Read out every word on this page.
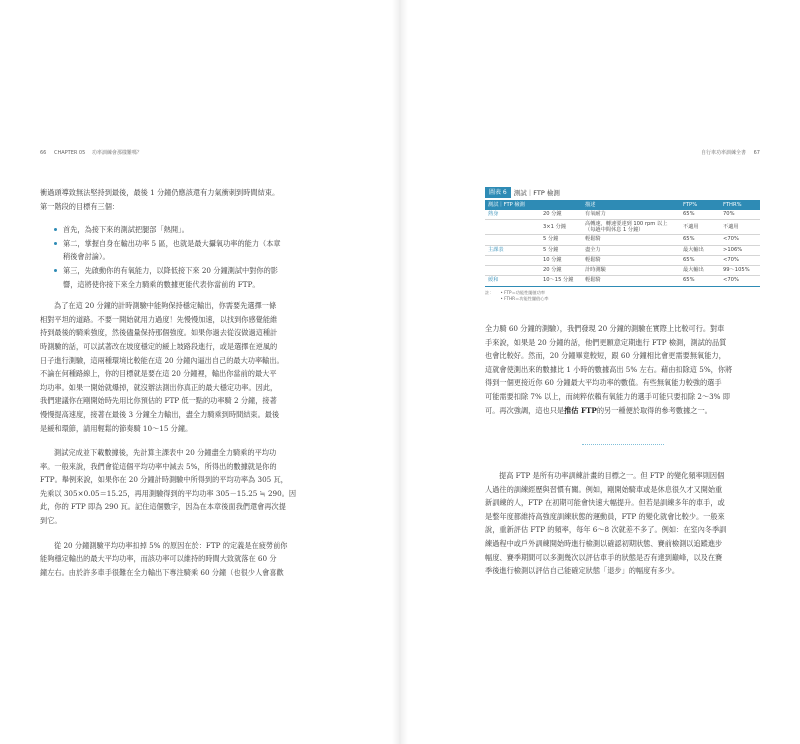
66 CHAPTER 05 功率訓練會那樣難嗎？

衝過頭導致無法堅持到最後，最後 1 分鐘仍應該還有力氣衝刺到時間結束。

第一階段的目標有三個：

首先，為接下來的測試把腿部「熱開」。
第二，掌握自身在輸出功率 5 區，也就是最大攝氧功率的能力（本章
稍後會討論）。
第三，先啟動你的有氧能力，以降低接下來 20 分鐘測試中對你的影
響，這將使你接下來全力騎乘的數據更能代表你當前的 FTP。

為了在這 20 分鐘的計時測驗中能夠保持穩定輸出，你需要先選擇一條

相對平坦的道路。不要一開始就用力過度！先慢慢加速，以找到你感覺能維

持到最後的騎乘強度，然後儘量保持那個強度。如果你過去從沒做過這種計

時測驗的話，可以試著改在坡度穩定的緩上坡路段進行，或是選擇在逆風的

日子進行測驗，這兩種環境比較能在這 20 分鐘內逼出自己的最大功率輸出。

不論在何種路線上，你的目標就是要在這 20 分鐘裡，輸出你當前的最大平

均功率。如果一開始就爆掉，就沒辦法測出你真正的最大穩定功率。因此，

我們建議你在剛開始時先用比你預估的 FTP 低一點的功率騎 2 分鐘，接著

慢慢提高速度，接著在最後 3 分鐘全力輸出，盡全力騎乘到時間結束。最後

是緩和環節，請用輕鬆的節奏騎 10～15 分鐘。

測試完成並下載數據後，先計算主課表中 20 分鐘盡全力騎乘的平均功

率。一般來說，我們會從這個平均功率中減去 5%，所得出的數據就是你的

FTP。舉例來說，如果你在 20 分鐘計時測驗中所得到的平均功率為 305 瓦，

先乘以 305×0.05＝15.25，再用測驗得到的平均功率 305－15.25 ≒ 290。因

此，你的 FTP 即為 290 瓦。記住這個數字，因為在本章後面我們還會再次提

到它。

從 20 分鐘測驗平均功率扣掉 5% 的原因在於：FTP 的定義是在疲勞前你

能夠穩定輸出的最大平均功率，而該功率可以維持的時間大致就落在 60 分

鐘左右。由於許多車手很難在全力輸出下專注騎乘 60 分鐘（也很少人會喜歡

自行車功率訓練全書 67
圖表 6	測試｜FTP 檢測
測試｜FTP 檢測		描述	FTP%	FTHR%
熱身	20 分鐘	有氧耐力	65%	70%
	3×1 分鐘	高轉速，轉速要達到 100 rpm 以上（每趟中間休息 1 分鐘）	不適用	不適用
	5 分鐘	輕鬆騎	65%	<70%
主課表	5 分鐘	盡全力	最大輸出	>106%
	10 分鐘	輕鬆騎	65%	<70%
	20 分鐘	計時測驗	最大輸出	99～105%
緩和	10～15 分鐘	輕鬆騎	65%	<70%
註： • FTP＝功能性閾值功率
• FTHR＝功能性閾值心率

全力騎 60 分鐘的測驗），我們發現 20 分鐘的測驗在實際上比較可行。對車

手來說，如果是 20 分鐘的話，他們更願意定期進行 FTP 檢測，測試的品質

也會比較好。然而，20 分鐘畢竟較短，跟 60 分鐘相比會更需要無氧能力，

這就會使測出來的數據比 1 小時的數據高出 5% 左右。藉由扣除這 5%，你將

得到一個更接近你 60 分鐘最大平均功率的數值。有些無氧能力較強的選手

可能需要扣除 7% 以上，而純粹依賴有氧能力的選手可能只要扣除 2～3% 即

可。再次強調，這也只是推估 FTP的另一種便於取得的參考數據之一。

提高 FTP 是所有功率訓練計畫的目標之一。但 FTP 的變化頻率則因個

人過往的訓練經歷與習慣有關。例如，剛開始騎車或是休息很久才又開始重

新訓練的人，FTP 在初期可能會快速大幅提升。但若是訓練多年的車手，或

是整年度都維持高強度訓練狀態的運動員，FTP 的變化就會比較少。一般來

說，重新評估 FTP 的頻率，每年 6～8 次就差不多了。例如：在室內冬季訓

練過程中或戶外訓練開始時進行檢測以確認初期狀態、賽前檢測以追蹤進步

幅度、賽季期間可以多測幾次以評估車手的狀態是否有達到巔峰，以及在賽

季後進行檢測以評估自己能確定狀態「退步」的幅度有多少。
